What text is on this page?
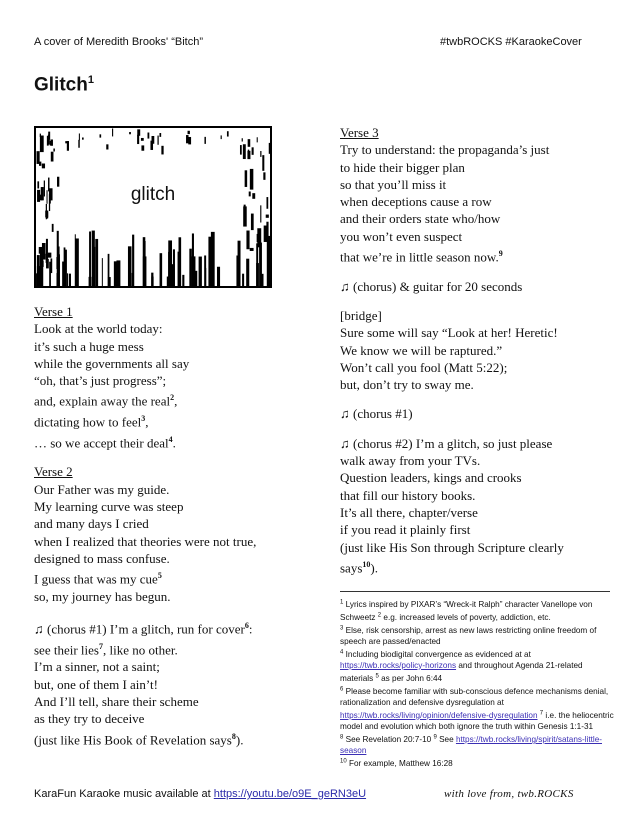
A cover of Meredith Brooks' “Bitch”	#twbROCKS #KaraokeCover
Glitch$^1$
glitch
Verse 1
Look at the world today:
it’s such a huge mess
while the governments all say
“oh, that’s just progress”;
and, explain away the real$^2$,
dictating how to feel$^3$,
… so we accept their deal$^4$.
Verse 2
Our Father was my guide.
My learning curve was steep
and many days I cried
when I realized that theories were not true,
designed to mass confuse.
I guess that was my cue$^5$
so, my journey has begun.
♫ (chorus #1) I’m a glitch, run for cover$^6$:
see their lies$^7$, like no other.
I’m a sinner, not a saint;
but, one of them I ain’t!
And I’ll tell, share their scheme
as they try to deceive
(just like His Book of Revelation says$^8$).
Verse 3
Try to understand: the propaganda’s just
to hide their bigger plan
so that you’ll miss it
when deceptions cause a row
and their orders state who/how
you won’t even suspect
that we’re in little season now.$^9$
♫ (chorus) & guitar for 20 seconds
[bridge]
Sure some will say “Look at her! Heretic!
We know we will be raptured.”
Won’t call you fool (Matt 5:22);
but, don’t try to sway me.
♫ (chorus #1)
♫ (chorus #2) I’m a glitch, so just please
walk away from your TVs.
Question leaders, kings and crooks
that fill our history books.
It’s all there, chapter/verse
if you read it plainly first
(just like His Son through Scripture clearly
says$^{10}$).
$^1$ Lyrics inspired by PIXAR’s “Wreck-it Ralph” character Vanellope von Schweetz $^2$ e.g. increased levels of poverty, addiction, etc.
$^3$ Else, risk censorship, arrest as new laws restricting online freedom of speech are passed/enacted
$^4$ Including biodigital convergence as evidenced at at https://twb.rocks/policy-horizons and throughout Agenda 21-related materials $^5$ as per John 6:44
$^6$ Please become familiar with sub-conscious defence mechanisms denial, rationalization and defensive dysregulation at https://twb.rocks/living/opinion/defensive-dysregulation $^7$ i.e. the heliocentric model and evolution which both ignore the truth within Genesis 1:1-31
$^8$ See Revelation 20:7-10 $^9$ See https://twb.rocks/living/spirit/satans-little-season
$^{10}$ For example, Matthew 16:28
KaraFun Karaoke music available at https://youtu.be/o9E_geRN3eU	with love from, twb.ROCKS
